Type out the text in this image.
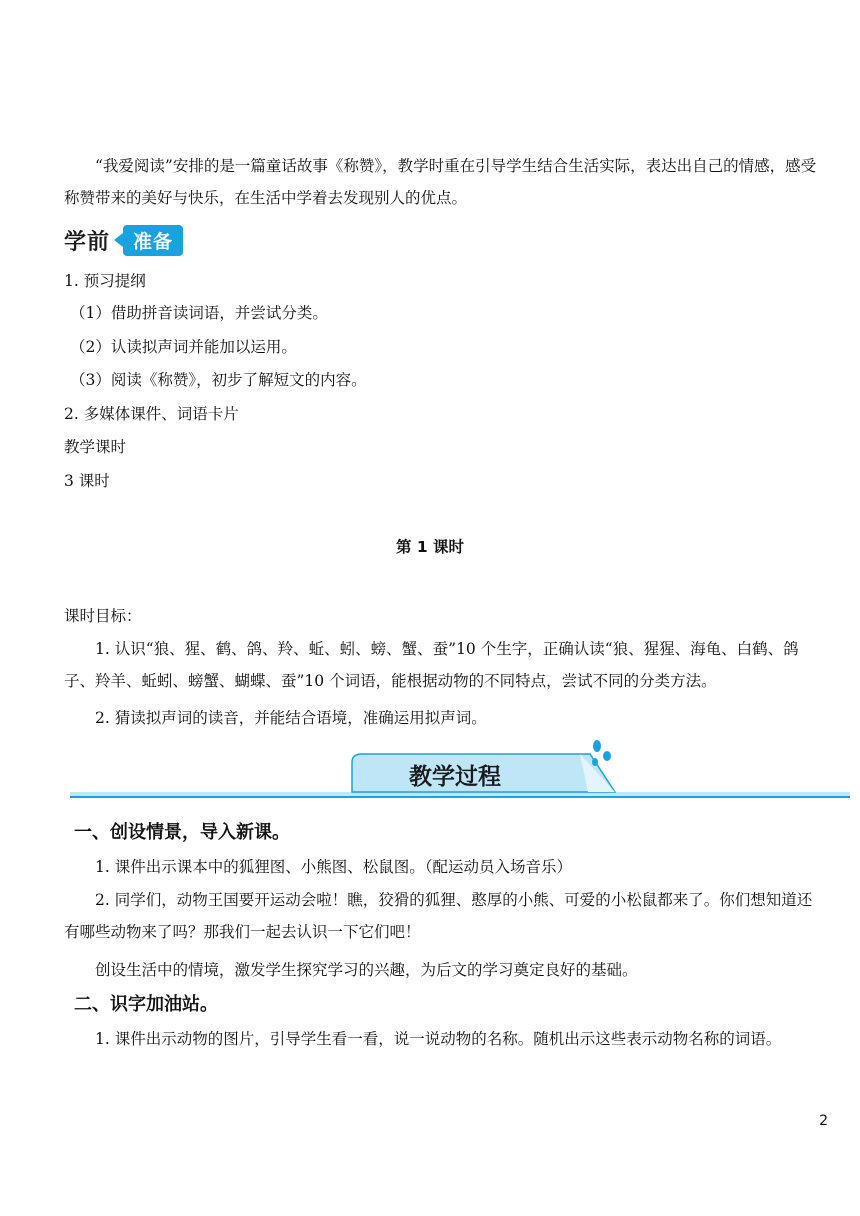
“我爱阅读”安排的是一篇童话故事《称赞》，教学时重在引导学生结合生活实际，表达出自己的情感，感受称赞带来的美好与快乐，在生活中学着去发现别人的优点。
学前	准备
1. 预习提纲
（1）借助拼音读词语，并尝试分类。
（2）认读拟声词并能加以运用。
（3）阅读《称赞》，初步了解短文的内容。
2. 多媒体课件、词语卡片
教学课时
3 课时
第 1 课时
课时目标：
1. 认识“狼、猩、鹤、鸽、羚、蚯、蚓、螃、蟹、蚕”10 个生字，正确认读“狼、猩猩、海龟、白鹤、鸽子、羚羊、蚯蚓、螃蟹、蝴蝶、蚕”10 个词语，能根据动物的不同特点，尝试不同的分类方法。
2. 猜读拟声词的读音，并能结合语境，准确运用拟声词。
教学过程
一、创设情景，导入新课。
1. 课件出示课本中的狐狸图、小熊图、松鼠图。（配运动员入场音乐）
2. 同学们，动物王国要开运动会啦！瞧，狡猾的狐狸、憨厚的小熊、可爱的小松鼠都来了。你们想知道还有哪些动物来了吗？那我们一起去认识一下它们吧！
创设生活中的情境，激发学生探究学习的兴趣，为后文的学习奠定良好的基础。
二、识字加油站。
1. 课件出示动物的图片，引导学生看一看，说一说动物的名称。随机出示这些表示动物名称的词语。
2
